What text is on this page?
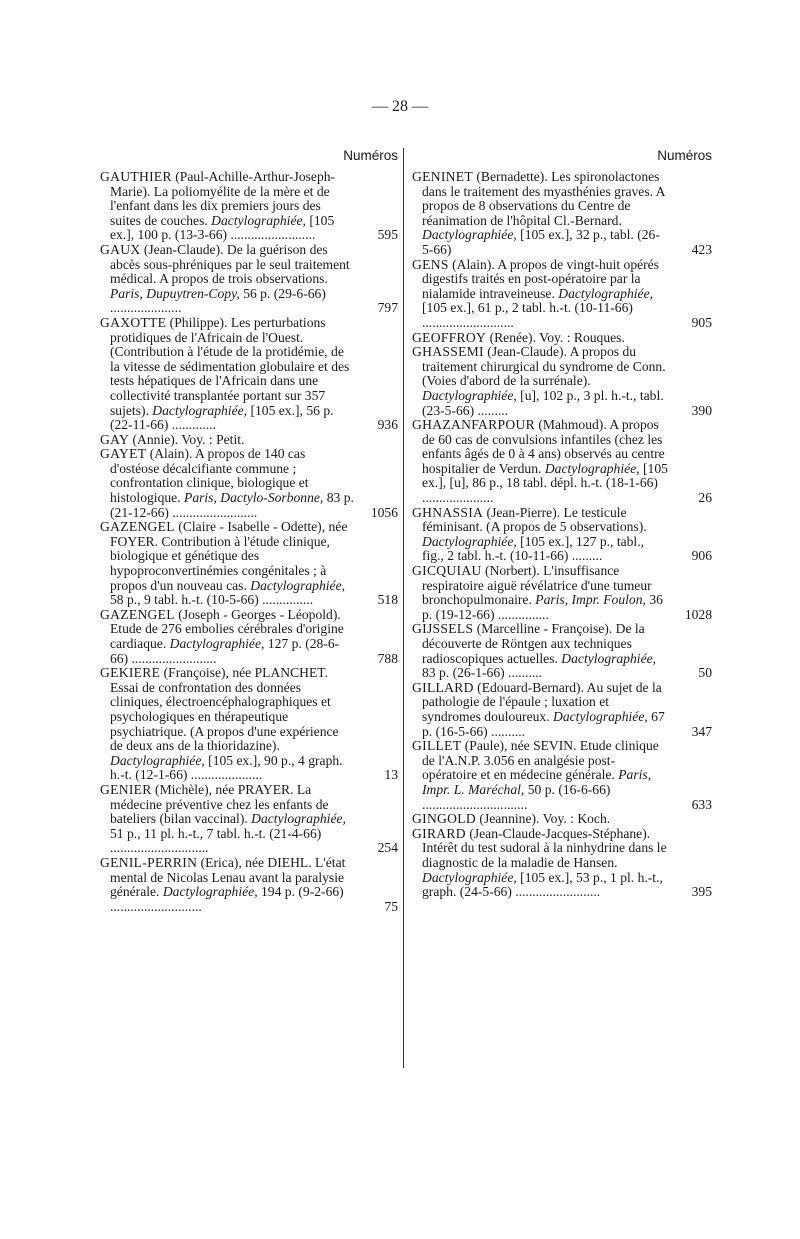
— 28 —
Numéros
GAUTHIER (Paul-Achille-Arthur-Joseph-Marie). La poliomyélite de la mère et de l'enfant dans les dix premiers jours des suites de couches. Dactylographiée, [105 ex.], 100 p. (13-3-66) .........................	595
GAUX (Jean-Claude). De la guérison des abcès sous-phréniques par le seul traitement médical. A propos de trois observations. Paris, Dupuytren-Copy, 56 p. (29-6-66) .....................	797
GAXOTTE (Philippe). Les perturbations protidiques de l'Africain de l'Ouest. (Contribution à l'étude de la protidémie, de la vitesse de sédimentation globulaire et des tests hépatiques de l'Africain dans une collectivité transplantée portant sur 357 sujets). Dactylographiée, [105 ex.], 56 p. (22-11-66) .............	936
GAY (Annie). Voy. : Petit.
GAYET (Alain). A propos de 140 cas d'ostéose décalcifiante commune ; confrontation clinique, biologique et histologique. Paris, Dactylo-Sorbonne, 83 p. (21-12-66) .........................	1056
GAZENGEL (Claire - Isabelle - Odette), née FOYER. Contribution à l'étude clinique, biologique et génétique des hypoproconvertinémies congénitales ; à propos d'un nouveau cas. Dactylographiée, 58 p., 9 tabl. h.-t. (10-5-66) ...............	518
GAZENGEL (Joseph - Georges - Léopold). Etude de 276 embolies cérébrales d'origine cardiaque. Dactylographiée, 127 p. (28-6-66) .........................	788
GEKIERE (Françoise), née PLANCHET. Essai de confrontation des données cliniques, électroencéphalographiques et psychologiques en thérapeutique psychiatrique. (A propos d'une expérience de deux ans de la thioridazine). Dactylographiée, [105 ex.], 90 p., 4 graph. h.-t. (12-1-66) .....................	13
GENIER (Michèle), née PRAYER. La médecine préventive chez les enfants de bateliers (bilan vaccinal). Dactylographiée, 51 p., 11 pl. h.-t., 7 tabl. h.-t. (21-4-66) .............................	254
GENIL-PERRIN (Erica), née DIEHL. L'état mental de Nicolas Lenau avant la paralysie générale. Dactylographiée, 194 p. (9-2-66) ...........................	75
Numéros
GENINET (Bernadette). Les spironolactones dans le traitement des myasthénies graves. A propos de 8 observations du Centre de réanimation de l'hôpital Cl.-Bernard. Dactylographiée, [105 ex.], 32 p., tabl. (26-5-66)	423
GENS (Alain). A propos de vingt-huit opérés digestifs traités en post-opératoire par la nialamide intraveineuse. Dactylographiée, [105 ex.], 61 p., 2 tabl. h.-t. (10-11-66) ...........................	905
GEOFFROY (Renée). Voy. : Rouques.
GHASSEMI (Jean-Claude). A propos du traitement chirurgical du syndrome de Conn. (Voies d'abord de la surrénale). Dactylographiée, [u], 102 p., 3 pl. h.-t., tabl. (23-5-66) .........	390
GHAZANFARPOUR (Mahmoud). A propos de 60 cas de convulsions infantiles (chez les enfants âgés de 0 à 4 ans) observés au centre hospitalier de Verdun. Dactylographiée, [105 ex.], [u], 86 p., 18 tabl. dépl. h.-t. (18-1-66) .....................	26
GHNASSIA (Jean-Pierre). Le testicule féminisant. (A propos de 5 observations). Dactylographiée, [105 ex.], 127 p., tabl., fig., 2 tabl. h.-t. (10-11-66) .........	906
GICQUIAU (Norbert). L'insuffisance respiratoire aiguë révélatrice d'une tumeur bronchopulmonaire. Paris, Impr. Foulon, 36 p. (19-12-66) ...............	1028
GIJSSELS (Marcelline - Françoise). De la découverte de Röntgen aux techniques radioscopiques actuelles. Dactylographiée, 83 p. (26-1-66) ..........	50
GILLARD (Edouard-Bernard). Au sujet de la pathologie de l'épaule ; luxation et syndromes douloureux. Dactylographiée, 67 p. (16-5-66) ..........	347
GILLET (Paule), née SEVIN. Etude clinique de l'A.N.P. 3.056 en analgésie post-opératoire et en médecine générale. Paris, Impr. L. Maréchal, 50 p. (16-6-66) ...............................	633
GINGOLD (Jeannine). Voy. : Koch.
GIRARD (Jean-Claude-Jacques-Stéphane). Intérêt du test sudoral à la ninhydrine dans le diagnostic de la maladie de Hansen. Dactylographiée, [105 ex.], 53 p., 1 pl. h.-t., graph. (24-5-66) .........................	395
